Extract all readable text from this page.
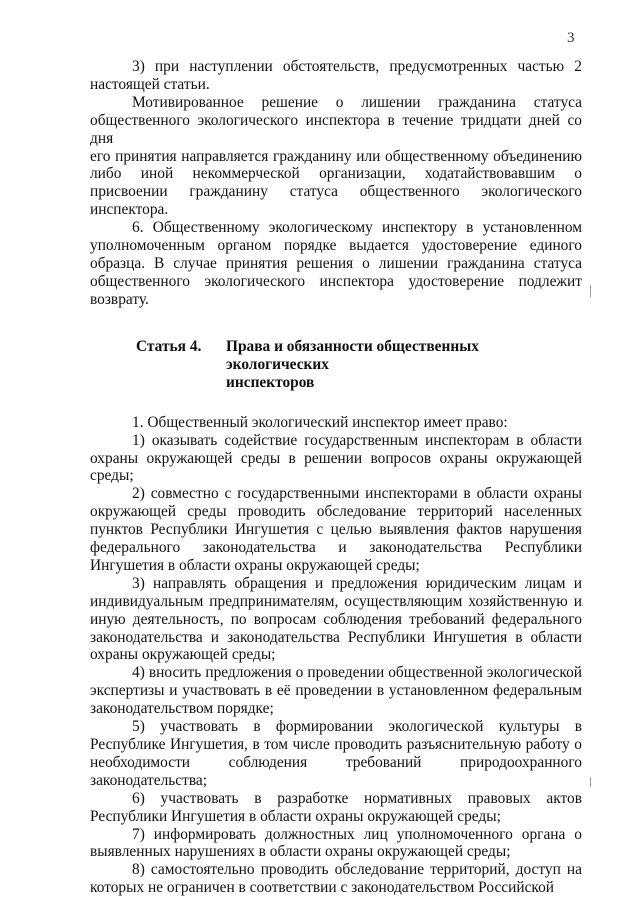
3
3) при наступлении обстоятельств, предусмотренных частью 2
настоящей статьи.
Мотивированное решение о лишении гражданина статуса
общественного экологического инспектора в течение тридцати дней со дня
его принятия направляется гражданину или общественному объединению
либо иной некоммерческой организации, ходатайствовавшим о
присвоении гражданину статуса общественного экологического
инспектора.
6. Общественному экологическому инспектору в установленном
уполномоченным органом порядке выдается удостоверение единого
образца. В случае принятия решения о лишении гражданина статуса
общественного экологического инспектора удостоверение подлежит
возврату.
Статья 4.	Права и обязанности общественных экологических
инспекторов
1. Общественный экологический инспектор имеет право:
1) оказывать содействие государственным инспекторам в области
охраны окружающей среды в решении вопросов охраны окружающей
среды;
2) совместно с государственными инспекторами в области охраны
окружающей среды проводить обследование территорий населенных
пунктов Республики Ингушетия с целью выявления фактов нарушения
федерального законодательства и законодательства Республики
Ингушетия в области охраны окружающей среды;
3) направлять обращения и предложения юридическим лицам и
индивидуальным предпринимателям, осуществляющим хозяйственную и
иную деятельность, по вопросам соблюдения требований федерального
законодательства и законодательства Республики Ингушетия в области
охраны окружающей среды;
4) вносить предложения о проведении общественной экологической
экспертизы и участвовать в её проведении в установленном федеральным
законодательством порядке;
5) участвовать в формировании экологической культуры в
Республике Ингушетия, в том числе проводить разъяснительную работу о
необходимости соблюдения требований природоохранного
законодательства;
6) участвовать в разработке нормативных правовых актов
Республики Ингушетия в области охраны окружающей среды;
7) информировать должностных лиц уполномоченного органа о
выявленных нарушениях в области охраны окружающей среды;
8) самостоятельно проводить обследование территорий, доступ на
которых не ограничен в соответствии с законодательством Российской
